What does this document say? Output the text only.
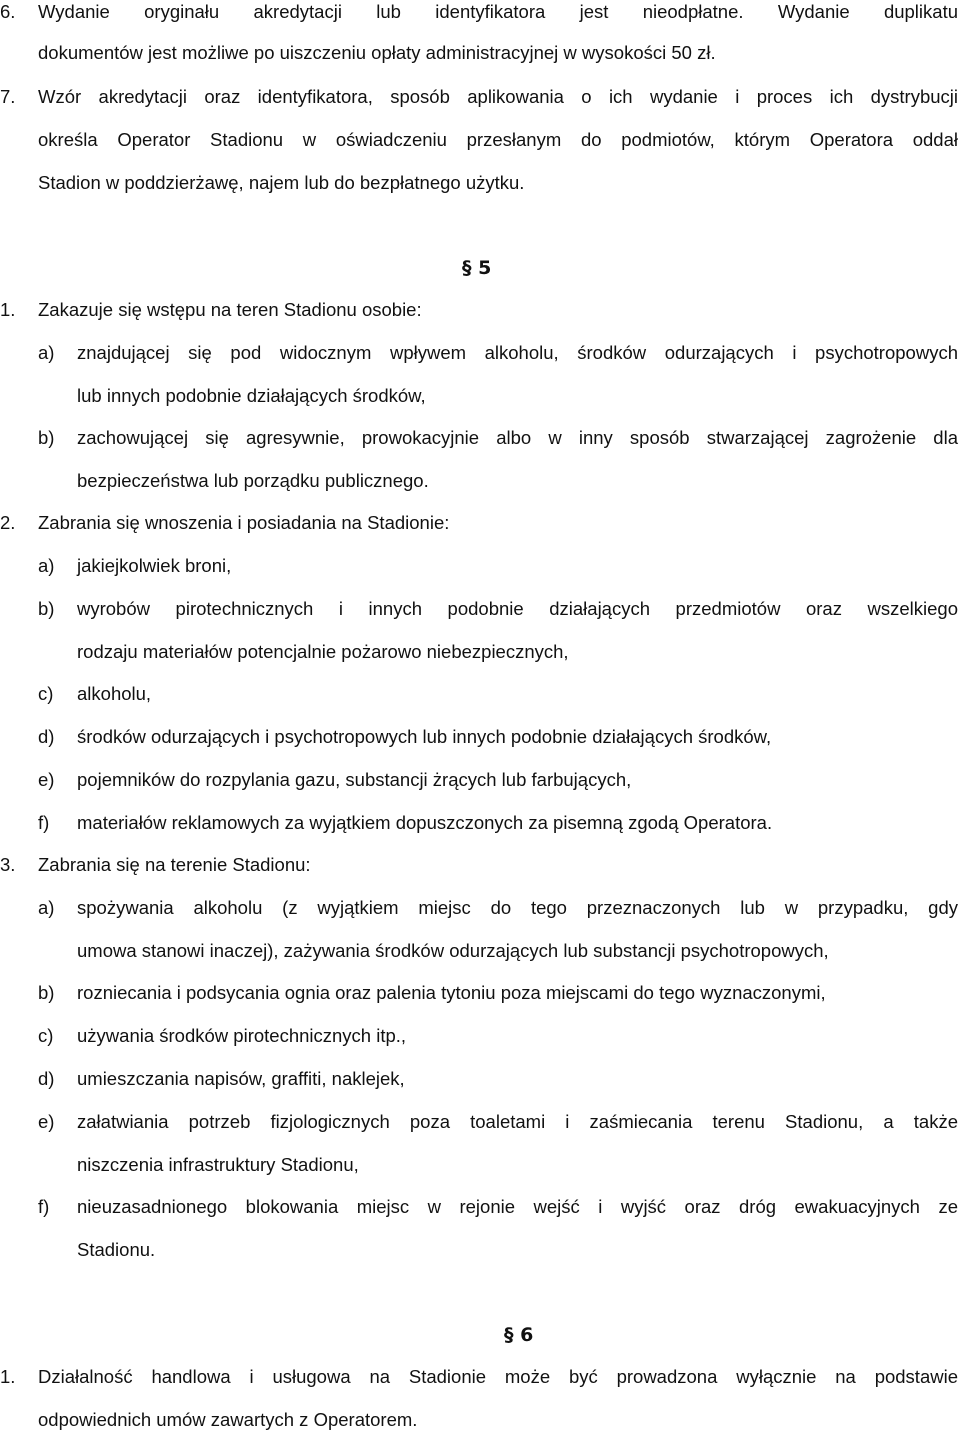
6. Wydanie oryginału akredytacji lub identyfikatora jest nieodpłatne. Wydanie duplikatu
dokumentów jest możliwe po uiszczeniu opłaty administracyjnej w wysokości 50 zł.
7. Wzór akredytacji oraz identyfikatora, sposób aplikowania o ich wydanie i proces ich dystrybucji
określa Operator Stadionu w oświadczeniu przesłanym do podmiotów, którym Operatora oddał
Stadion w poddzierżawę, najem lub do bezpłatnego użytku.
§ 5
1. Zakazuje się wstępu na teren Stadionu osobie:
a) znajdującej się pod widocznym wpływem alkoholu, środków odurzających i psychotropowych
lub innych podobnie działających środków,
b) zachowującej się agresywnie, prowokacyjnie albo w inny sposób stwarzającej zagrożenie dla
bezpieczeństwa lub porządku publicznego.
2. Zabrania się wnoszenia i posiadania na Stadionie:
a) jakiejkolwiek broni,
b) wyrobów pirotechnicznych i innych podobnie działających przedmiotów oraz wszelkiego
rodzaju materiałów potencjalnie pożarowo niebezpiecznych,
c) alkoholu,
d) środków odurzających i psychotropowych lub innych podobnie działających środków,
e) pojemników do rozpylania gazu, substancji żrących lub farbujących,
f) materiałów reklamowych za wyjątkiem dopuszczonych za pisemną zgodą Operatora.
3. Zabrania się na terenie Stadionu:
a) spożywania alkoholu (z wyjątkiem miejsc do tego przeznaczonych lub w przypadku, gdy
umowa stanowi inaczej), zażywania środków odurzających lub substancji psychotropowych,
b) rozniecania i podsycania ognia oraz palenia tytoniu poza miejscami do tego wyznaczonymi,
c) używania środków pirotechnicznych itp.,
d) umieszczania napisów, graffiti, naklejek,
e) załatwiania potrzeb fizjologicznych poza toaletami i zaśmiecania terenu Stadionu, a także
niszczenia infrastruktury Stadionu,
f) nieuzasadnionego blokowania miejsc w rejonie wejść i wyjść oraz dróg ewakuacyjnych ze
Stadionu.
§ 6
1. Działalność handlowa i usługowa na Stadionie może być prowadzona wyłącznie na podstawie
odpowiednich umów zawartych z Operatorem.
